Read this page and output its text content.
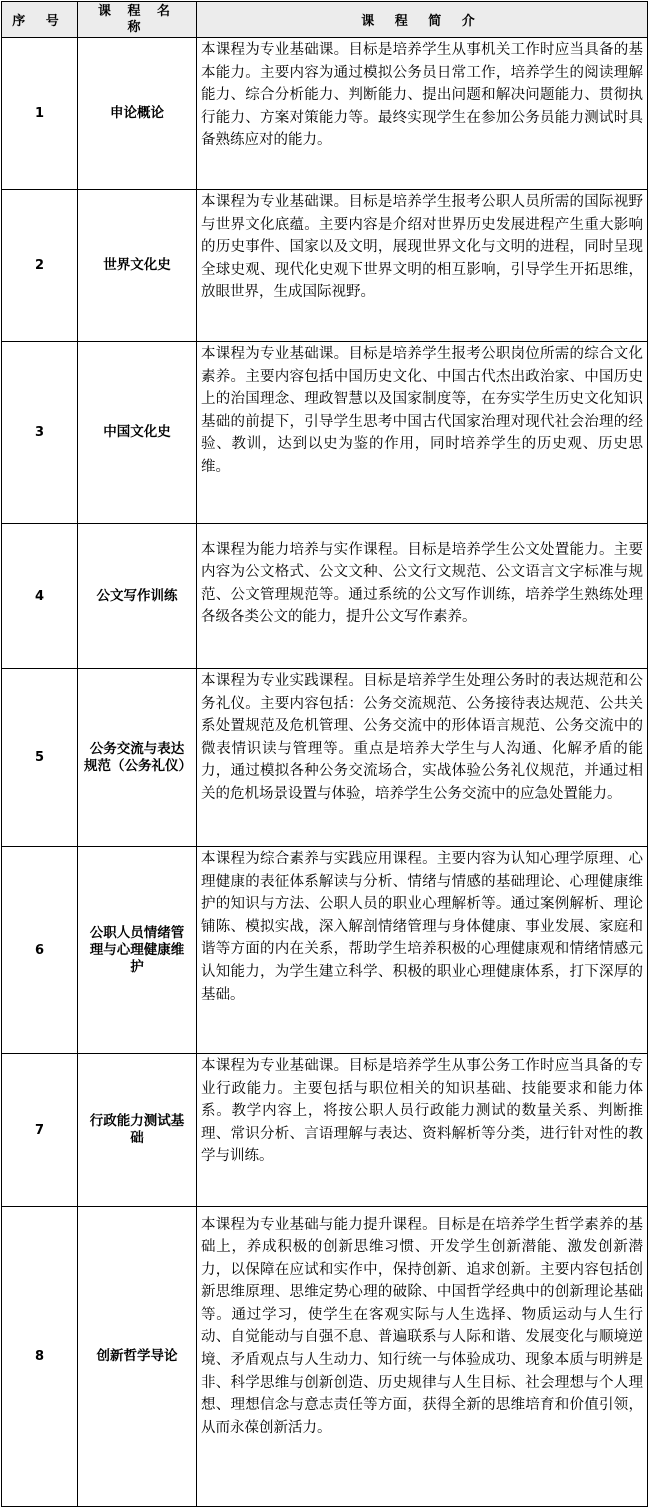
序 号	课 程 名 称	课 程 简 介
1	申论概论	本课程为专业基础课。目标是培养学生从事机关工作时应当具备的基本能力。主要内容为通过模拟公务员日常工作，培养学生的阅读理解能力、综合分析能力、判断能力、提出问题和解决问题能力、贯彻执行能力、方案对策能力等。最终实现学生在参加公务员能力测试时具备熟练应对的能力。

2	世界文化史	本课程为专业基础课。目标是培养学生报考公职人员所需的国际视野与世界文化底蕴。主要内容是介绍对世界历史发展进程产生重大影响的历史事件、国家以及文明，展现世界文化与文明的进程，同时呈现全球史观、现代化史观下世界文明的相互影响，引导学生开拓思维，放眼世界，生成国际视野。

3	中国文化史	本课程为专业基础课。目标是培养学生报考公职岗位所需的综合文化素养。主要内容包括中国历史文化、中国古代杰出政治家、中国历史上的治国理念、理政智慧以及国家制度等，在夯实学生历史文化知识基础的前提下，引导学生思考中国古代国家治理对现代社会治理的经验、教训，达到以史为鉴的作用，同时培养学生的历史观、历史思维。

4	公文写作训练	本课程为能力培养与实作课程。目标是培养学生公文处置能力。主要内容为公文格式、公文文种、公文行文规范、公文语言文字标准与规范、公文管理规范等。通过系统的公文写作训练，培养学生熟练处理各级各类公文的能力，提升公文写作素养。

5	公务交流与表达规范（公务礼仪）	本课程为专业实践课程。目标是培养学生处理公务时的表达规范和公务礼仪。主要内容包括：公务交流规范、公务接待表达规范、公共关系处置规范及危机管理、公务交流中的形体语言规范、公务交流中的微表情识读与管理等。重点是培养大学生与人沟通、化解矛盾的能力，通过模拟各种公务交流场合，实战体验公务礼仪规范，并通过相关的危机场景设置与体验，培养学生公务交流中的应急处置能力。

6	公职人员情绪管理与心理健康维护	本课程为综合素养与实践应用课程。主要内容为认知心理学原理、心理健康的表征体系解读与分析、情绪与情感的基础理论、心理健康维护的知识与方法、公职人员的职业心理解析等。通过案例解析、理论铺陈、模拟实战，深入解剖情绪管理与身体健康、事业发展、家庭和谐等方面的内在关系，帮助学生培养积极的心理健康观和情绪情感元认知能力，为学生建立科学、积极的职业心理健康体系，打下深厚的基础。

7	行政能力测试基础	本课程为专业基础课。目标是培养学生从事公务工作时应当具备的专业行政能力。主要包括与职位相关的知识基础、技能要求和能力体系。教学内容上，将按公职人员行政能力测试的数量关系、判断推理、常识分析、言语理解与表达、资料解析等分类，进行针对性的教学与训练。

8	创新哲学导论	本课程为专业基础与能力提升课程。目标是在培养学生哲学素养的基础上，养成积极的创新思维习惯、开发学生创新潜能、激发创新潜力，以保障在应试和实作中，保持创新、追求创新。主要内容包括创新思维原理、思维定势心理的破除、中国哲学经典中的创新理论基础等。通过学习，使学生在客观实际与人生选择、物质运动与人生行动、自觉能动与自强不息、普遍联系与人际和谐、发展变化与顺境逆境、矛盾观点与人生动力、知行统一与体验成功、现象本质与明辨是非、科学思维与创新创造、历史规律与人生目标、社会理想与个人理想、理想信念与意志责任等方面，获得全新的思维培育和价值引领，从而永葆创新活力。
